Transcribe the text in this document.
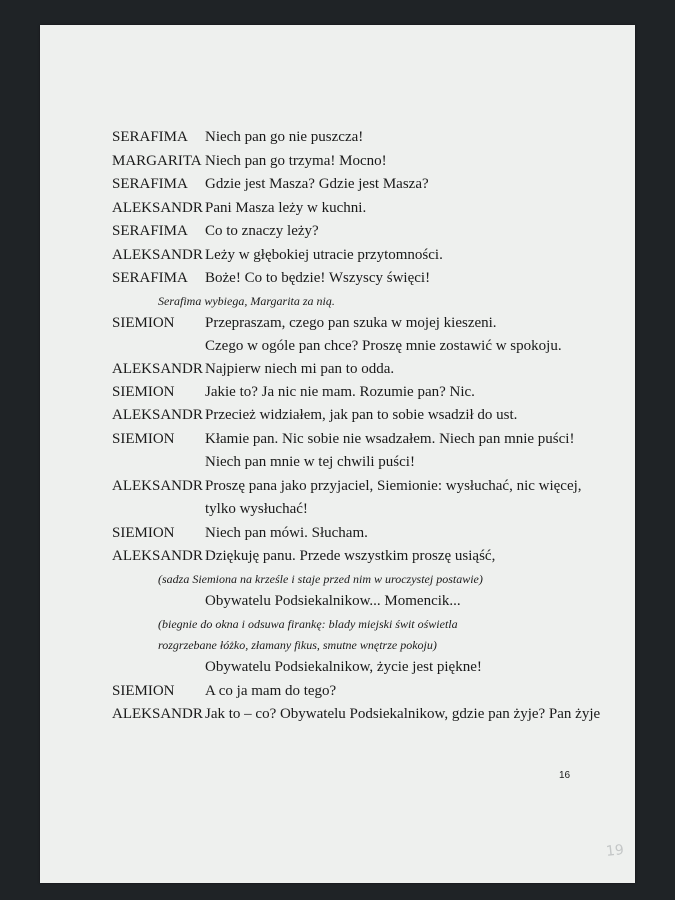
SERAFIMA Niech pan go nie puszcza!
MARGARITA Niech pan go trzyma! Mocno!
SERAFIMA Gdzie jest Masza? Gdzie jest Masza?
ALEKSANDR Pani Masza leży w kuchni.
SERAFIMA Co to znaczy leży?
ALEKSANDR Leży w głębokiej utracie przytomności.
SERAFIMA Boże! Co to będzie! Wszyscy święci!
Serafima wybiega, Margarita za nią.
SIEMION Przepraszam, czego pan szuka w mojej kieszeni.
Czego w ogóle pan chce? Proszę mnie zostawić w spokoju.
ALEKSANDR Najpierw niech mi pan to odda.
SIEMION Jakie to? Ja nic nie mam. Rozumie pan? Nic.
ALEKSANDR Przecież widziałem, jak pan to sobie wsadził do ust.
SIEMION Kłamie pan. Nic sobie nie wsadzałem. Niech pan mnie puści!
Niech pan mnie w tej chwili puści!
ALEKSANDR Proszę pana jako przyjaciel, Siemionie: wysłuchać, nic więcej,
tylko wysłuchać!
SIEMION Niech pan mówi. Słucham.
ALEKSANDR Dziękuję panu. Przede wszystkim proszę usiąść,
(sadza Siemiona na krześle i staje przed nim w uroczystej postawie)
Obywatelu Podsiekalnikow... Momencik...
(biegnie do okna i odsuwa firankę: blady miejski świt oświetla
rozgrzebane łóżko, złamany fikus, smutne wnętrze pokoju)
Obywatelu Podsiekalnikow, życie jest piękne!
SIEMION A co ja mam do tego?
ALEKSANDR Jak to – co? Obywatelu Podsiekalnikow, gdzie pan żyje? Pan żyje
16
19
